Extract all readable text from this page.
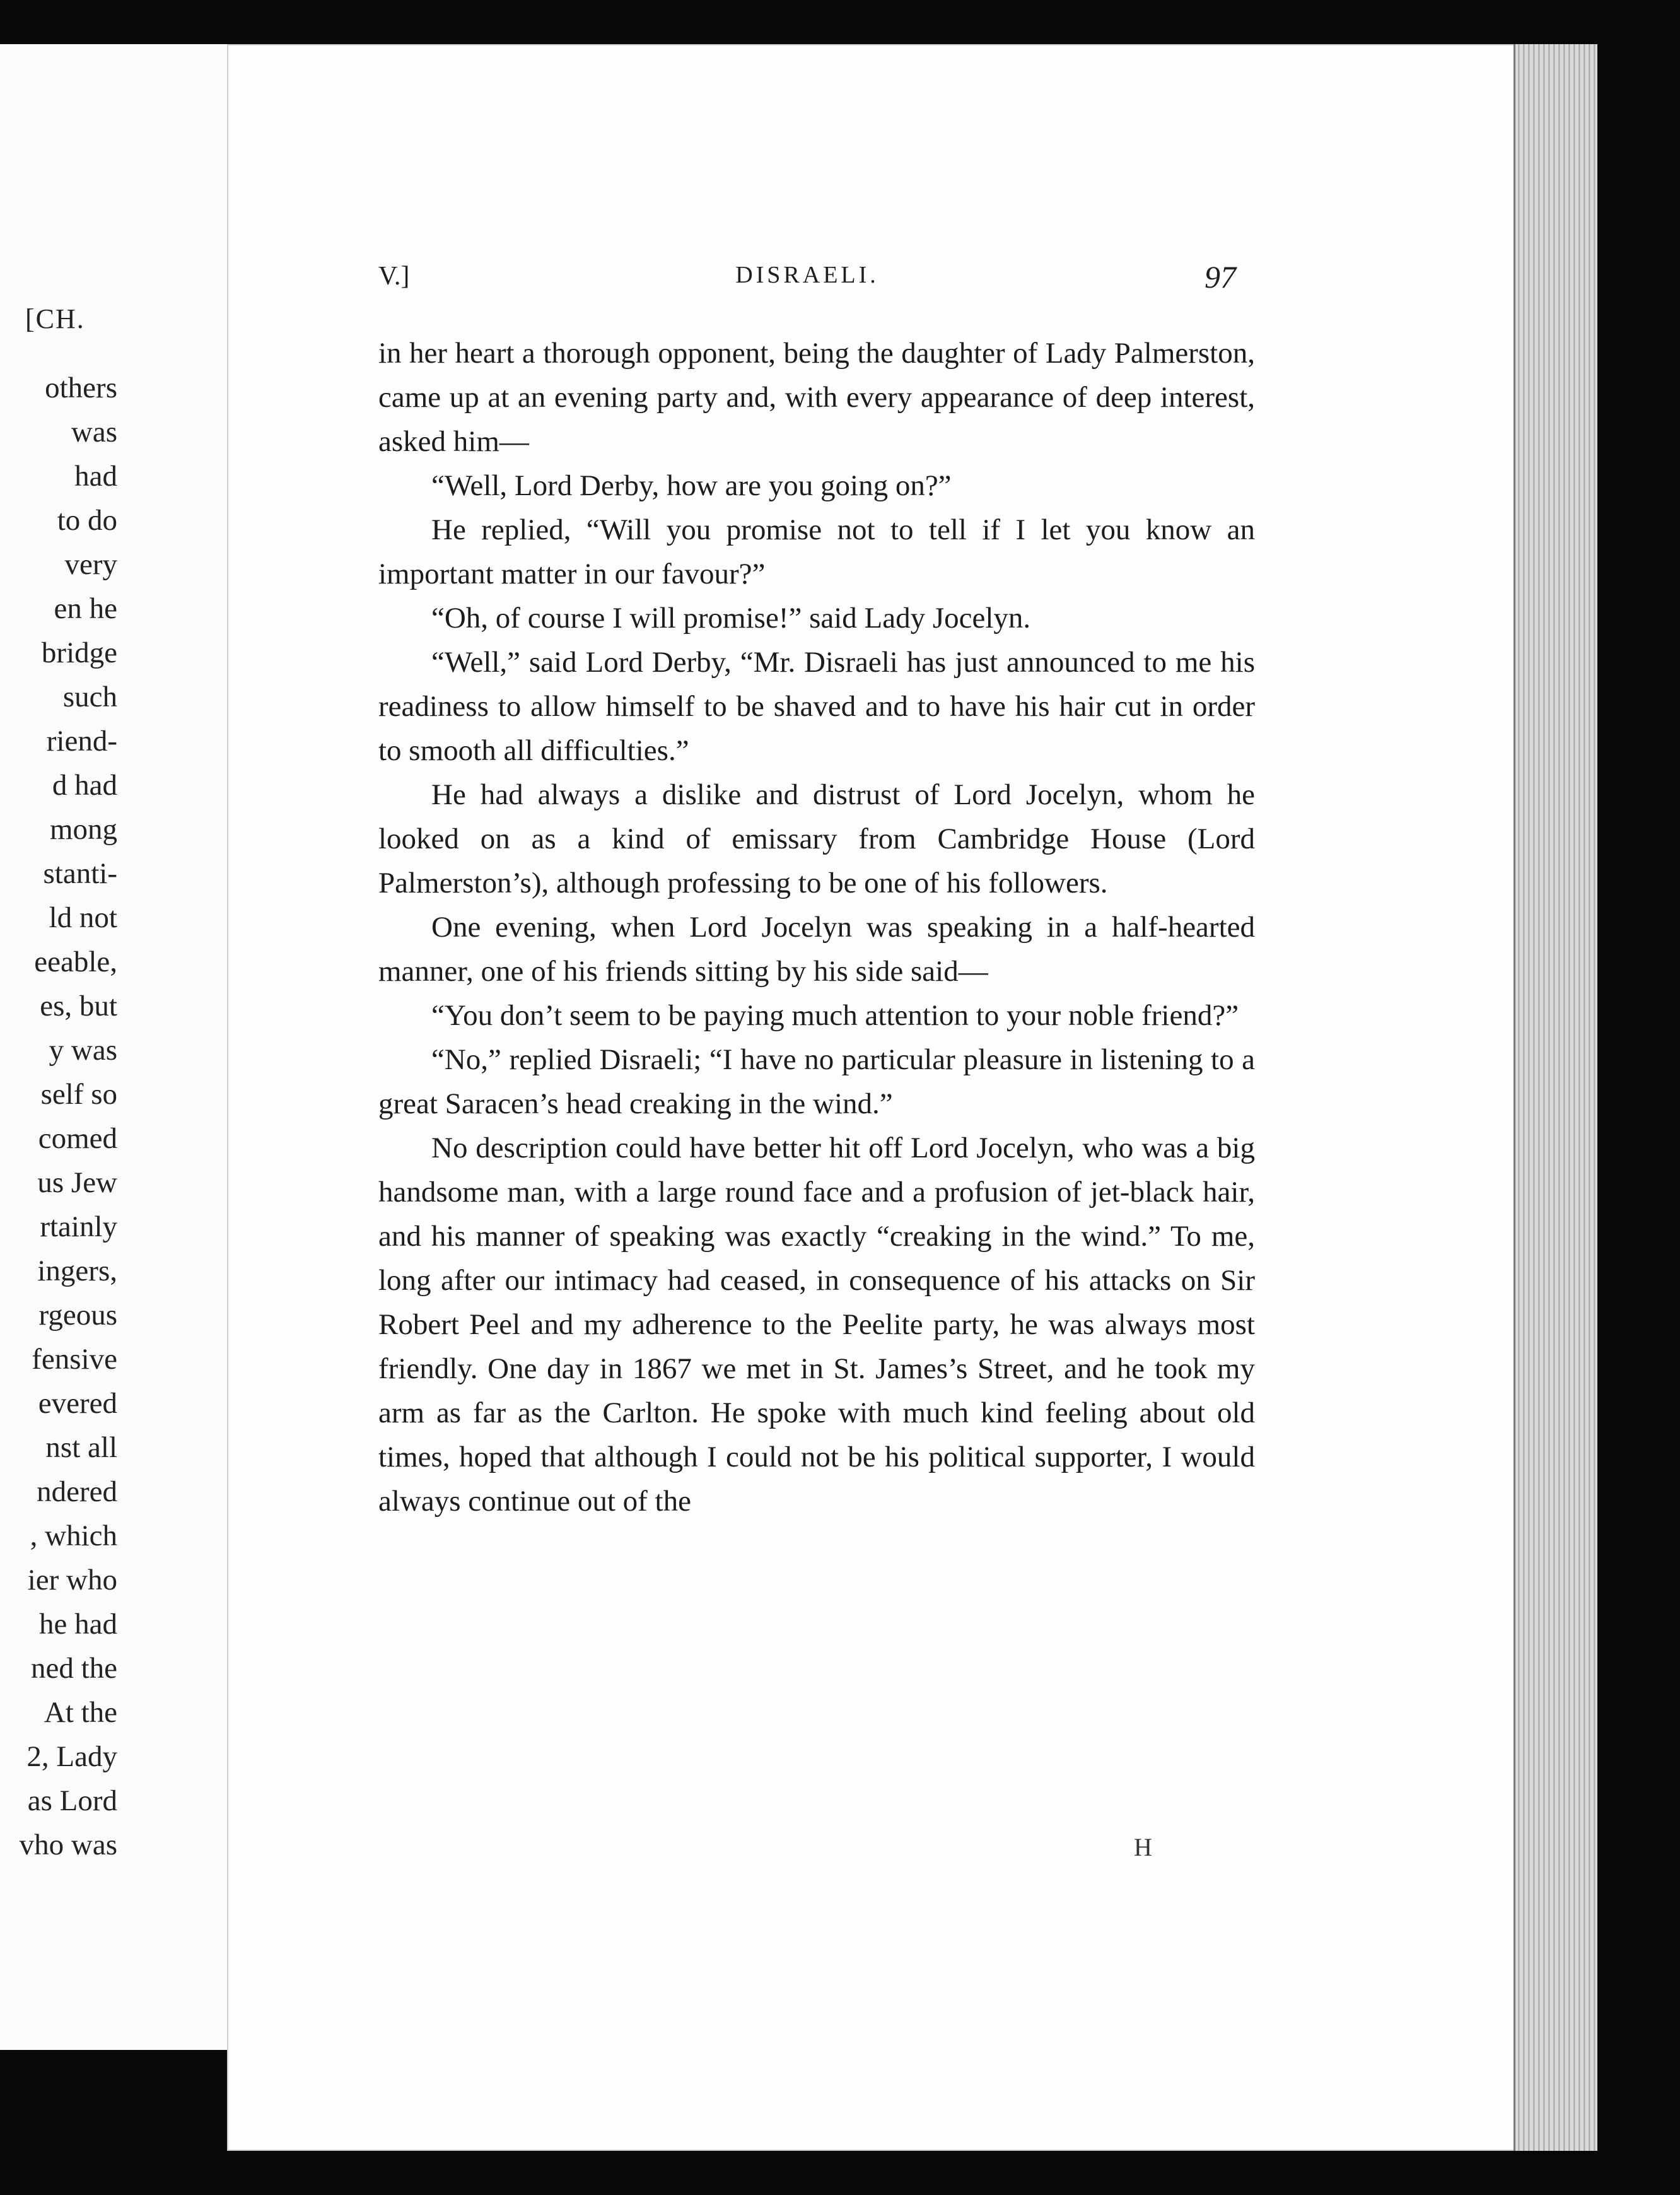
[CH.
others
was
had
to do
very
en he
bridge
such
riend-
d had
mong
stanti-
ld not
eeable,
es, but
y was
self so
comed
us Jew
rtainly
ingers,
rgeous
fensive
evered
nst all
ndered
, which
ier who
he had
ned the
At the
2, Lady
as Lord
vho was
V.]	DISRAELI.	97

in her heart a thorough opponent, being the daughter of Lady Palmerston, came up at an evening party and, with every appearance of deep interest, asked him—

“Well, Lord Derby, how are you going on?”

He replied, “Will you promise not to tell if I let you know an important matter in our favour?”

“Oh, of course I will promise!” said Lady Jocelyn.

“Well,” said Lord Derby, “Mr. Disraeli has just announced to me his readiness to allow himself to be shaved and to have his hair cut in order to smooth all difficulties.”

He had always a dislike and distrust of Lord Jocelyn, whom he looked on as a kind of emissary from Cambridge House (Lord Palmerston’s), although professing to be one of his followers.

One evening, when Lord Jocelyn was speaking in a half-hearted manner, one of his friends sitting by his side said—

“You don’t seem to be paying much attention to your noble friend?”

“No,” replied Disraeli; “I have no particular pleasure in listening to a great Saracen’s head creaking in the wind.”

No description could have better hit off Lord Jocelyn, who was a big handsome man, with a large round face and a profusion of jet-black hair, and his manner of speaking was exactly “creaking in the wind.” To me, long after our intimacy had ceased, in consequence of his attacks on Sir Robert Peel and my adherence to the Peelite party, he was always most friendly. One day in 1867 we met in St. James’s Street, and he took my arm as far as the Carlton. He spoke with much kind feeling about old times, hoped that although I could not be his political supporter, I would always continue out of the

H
